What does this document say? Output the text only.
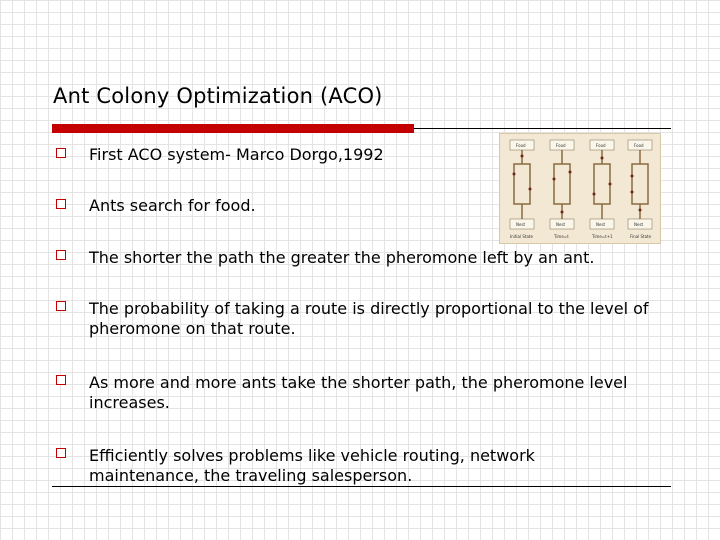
Ant Colony Optimization (ACO)
Food
Nest
Initial State
Food
Nest
Time=t
Food
Nest
Time=t+1
Food
Nest
Final State
First ACO system- Marco Dorgo,1992
Ants search for food.
The shorter the path the greater the pheromone left by an ant.
The probability of taking a route is directly proportional to the level of pheromone on that route.
As more and more ants take the shorter path, the pheromone level increases.
Efficiently solves problems like vehicle routing, network maintenance, the traveling salesperson.
